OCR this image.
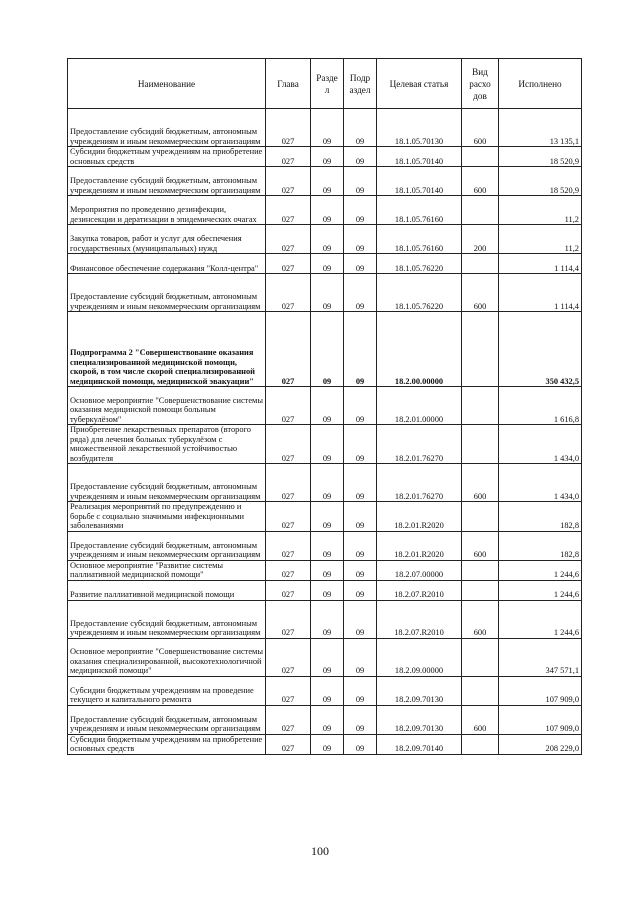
Наименование	Глава	Разде л	Подр аздел	Целевая статья	Вид расхо дов	Исполнено
Предоставление субсидий бюджетным, автономным учреждениям и иным некоммерческим организациям	027	09	09	18.1.05.70130	600	13 135,1
Субсидии бюджетным учреждениям на приобретение основных средств	027	09	09	18.1.05.70140		18 520,9
Предоставление субсидий бюджетным, автономным учреждениям и иным некоммерческим организациям	027	09	09	18.1.05.70140	600	18 520,9
Мероприятия по проведению дезинфекции, дезинсекции и дератизации в эпидемических очагах	027	09	09	18.1.05.76160		11,2
Закупка товаров, работ и услуг для обеспечения государственных (муниципальных) нужд	027	09	09	18.1.05.76160	200	11,2
Финансовое обеспечение содержания "Колл-центра"	027	09	09	18.1.05.76220		1 114,4
Предоставление субсидий бюджетным, автономным учреждениям и иным некоммерческим организациям	027	09	09	18.1.05.76220	600	1 114,4
Подпрограмма 2 "Совершенствование оказания специализированной медицинской помощи, скорой, в том числе скорой специализированной медицинской помощи, медицинской эвакуации"	027	09	09	18.2.00.00000		350 432,5
Основное мероприятие "Совершенствование системы оказания медицинской помощи больным туберкулёзом"	027	09	09	18.2.01.00000		1 616,8
Приобретение лекарственных препаратов (второго ряда) для лечения больных туберкулёзом с множественной лекарственной устойчивостью возбудителя	027	09	09	18.2.01.76270		1 434,0
Предоставление субсидий бюджетным, автономным учреждениям и иным некоммерческим организациям	027	09	09	18.2.01.76270	600	1 434,0
Реализация мероприятий по предупреждению и борьбе с социально значимыми инфекционными заболеваниями	027	09	09	18.2.01.R2020		182,8
Предоставление субсидий бюджетным, автономным учреждениям и иным некоммерческим организациям	027	09	09	18.2.01.R2020	600	182,8
Основное мероприятие "Развитие системы паллиативной медицинской помощи"	027	09	09	18.2.07.00000		1 244,6
Развитие паллиативной медицинской помощи	027	09	09	18.2.07.R2010		1 244,6
Предоставление субсидий бюджетным, автономным учреждениям и иным некоммерческим организациям	027	09	09	18.2.07.R2010	600	1 244,6
Основное мероприятие "Совершенствование системы оказания специализированной, высокотехнологичной медицинской помощи"	027	09	09	18.2.09.00000		347 571,1
Субсидии бюджетным учреждениям на проведение текущего и капитального ремонта	027	09	09	18.2.09.70130		107 909,0
Предоставление субсидий бюджетным, автономным учреждениям и иным некоммерческим организациям	027	09	09	18.2.09.70130	600	107 909,0
Субсидии бюджетным учреждениям на приобретение основных средств	027	09	09	18.2.09.70140		208 229,0
100
